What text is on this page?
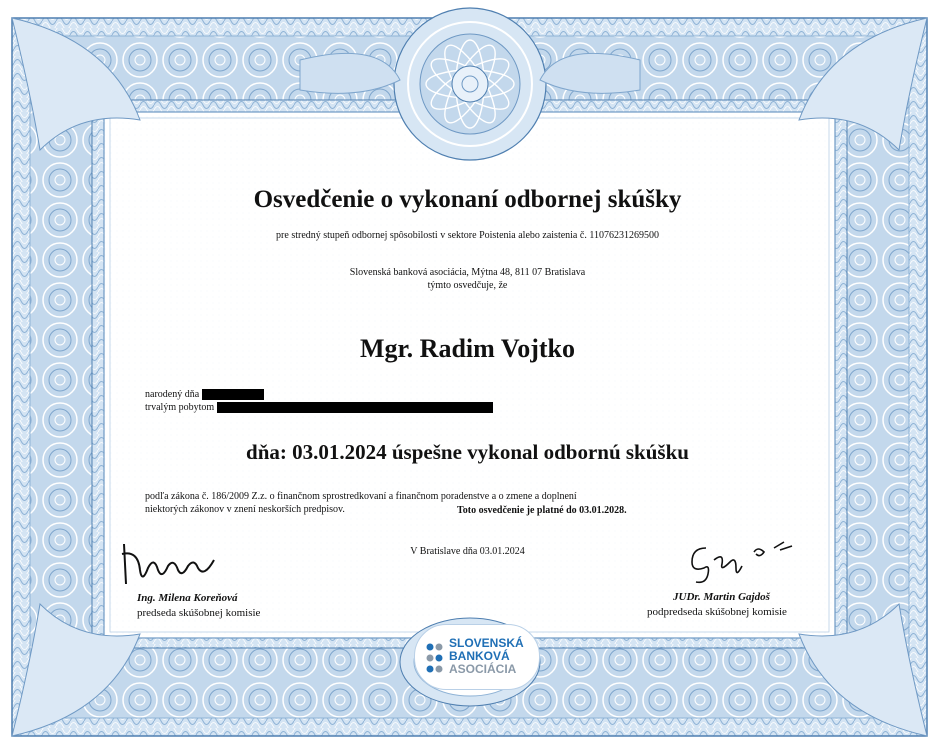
Osvedčenie o vykonaní odbornej skúšky
pre stredný stupeň odbornej spôsobilosti v sektore Poistenia alebo zaistenia č. 11076231269500
Slovenská banková asociácia, Mýtna 48, 811 07 Bratislava
týmto osvedčuje, že
Mgr. Radim Vojtko
narodený dňa
trvalým pobytom
dňa: 03.01.2024 úspešne vykonal odbornú skúšku
podľa zákona č. 186/2009 Z.z. o finančnom sprostredkovaní a finančnom poradenstve a o zmene a doplnení
niektorých zákonov v znení neskorších predpisov.	Toto osvedčenie je platné do 03.01.2028.
V Bratislave dňa 03.01.2024
Ing. Milena Koreňová
predseda skúšobnej komisie
JUDr. Martin Gajdoš
podpredseda skúšobnej komisie
SLOVENSKÁ
BANKOVÁ
ASOCIÁCIA
